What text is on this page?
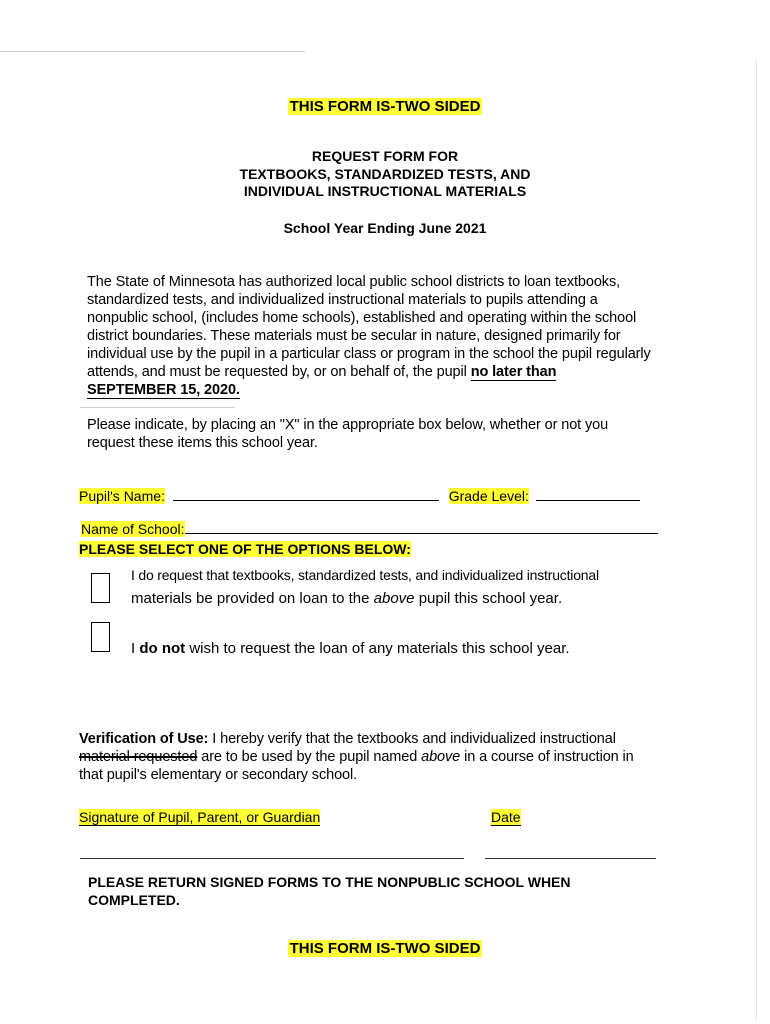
THIS FORM IS-TWO SIDED
REQUEST FORM FOR
TEXTBOOKS, STANDARDIZED TESTS, AND
INDIVIDUAL INSTRUCTIONAL MATERIALS
School Year Ending June 2021
The State of Minnesota has authorized local public school districts to loan textbooks,
standardized tests, and individualized instructional materials to pupils attending a
nonpublic school, (includes home schools), established and operating within the school
district boundaries. These materials must be secular in nature, designed primarily for
individual use by the pupil in a particular class or program in the school the pupil regularly
attends, and must be requested by, or on behalf of, the pupil no later than
SEPTEMBER 15, 2020.
Please indicate, by placing an "X" in the appropriate box below, whether or not you
request these items this school year.
Pupil's Name:	Grade Level:
Name of School:
PLEASE SELECT ONE OF THE OPTIONS BELOW:
I do request that textbooks, standardized tests, and individualized instructional
materials be provided on loan to the above pupil this school year.
I do not wish to request the loan of any materials this school year.
Verification of Use: I hereby verify that the textbooks and individualized instructional
material requested are to be used by the pupil named above in a course of instruction in
that pupil's elementary or secondary school.
Signature of Pupil, Parent, or Guardian	Date
PLEASE RETURN SIGNED FORMS TO THE NONPUBLIC SCHOOL WHEN
COMPLETED.
THIS FORM IS-TWO SIDED
